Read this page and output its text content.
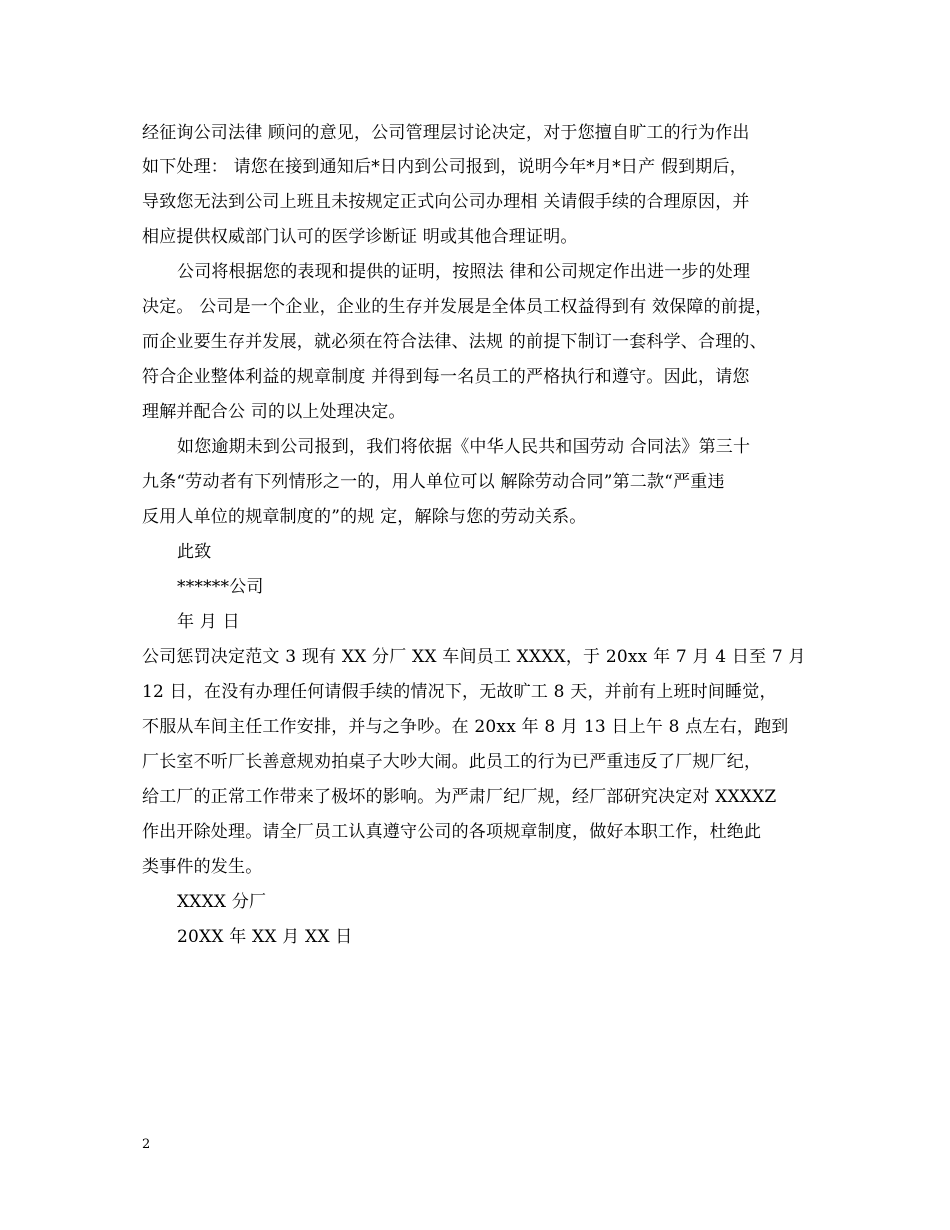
经征询公司法律 顾问的意见，公司管理层讨论决定，对于您擅自旷工的行为作出
如下处理： 请您在接到通知后*日内到公司报到，说明今年*月*日产 假到期后，
导致您无法到公司上班且未按规定正式向公司办理相 关请假手续的合理原因，并
相应提供权威部门认可的医学诊断证 明或其他合理证明。
公司将根据您的表现和提供的证明，按照法 律和公司规定作出进一步的处理
决定。 公司是一个企业，企业的生存并发展是全体员工权益得到有 效保障的前提，
而企业要生存并发展，就必须在符合法律、法规 的前提下制订一套科学、合理的、
符合企业整体利益的规章制度 并得到每一名员工的严格执行和遵守。因此，请您
理解并配合公 司的以上处理决定。
如您逾期未到公司报到，我们将依据《中华人民共和国劳动 合同法》第三十
九条“劳动者有下列情形之一的，用人单位可以 解除劳动合同”第二款“严重违
反用人单位的规章制度的”的规 定，解除与您的劳动关系。
此致
******公司
年 月 日
公司惩罚决定范文 3 现有 XX 分厂 XX 车间员工 XXXX，于 20xx 年 7 月 4 日至 7 月
12 日，在没有办理任何请假手续的情况下，无故旷工 8 天，并前有上班时间睡觉，
不服从车间主任工作安排，并与之争吵。在 20xx 年 8 月 13 日上午 8 点左右，跑到
厂长室不听厂长善意规劝拍桌子大吵大闹。此员工的行为已严重违反了厂规厂纪，
给工厂的正常工作带来了极坏的影响。为严肃厂纪厂规，经厂部研究决定对 XXXXZ
作出开除处理。请全厂员工认真遵守公司的各项规章制度，做好本职工作，杜绝此
类事件的发生。
XXXX 分厂
20XX 年 XX 月 XX 日
2
